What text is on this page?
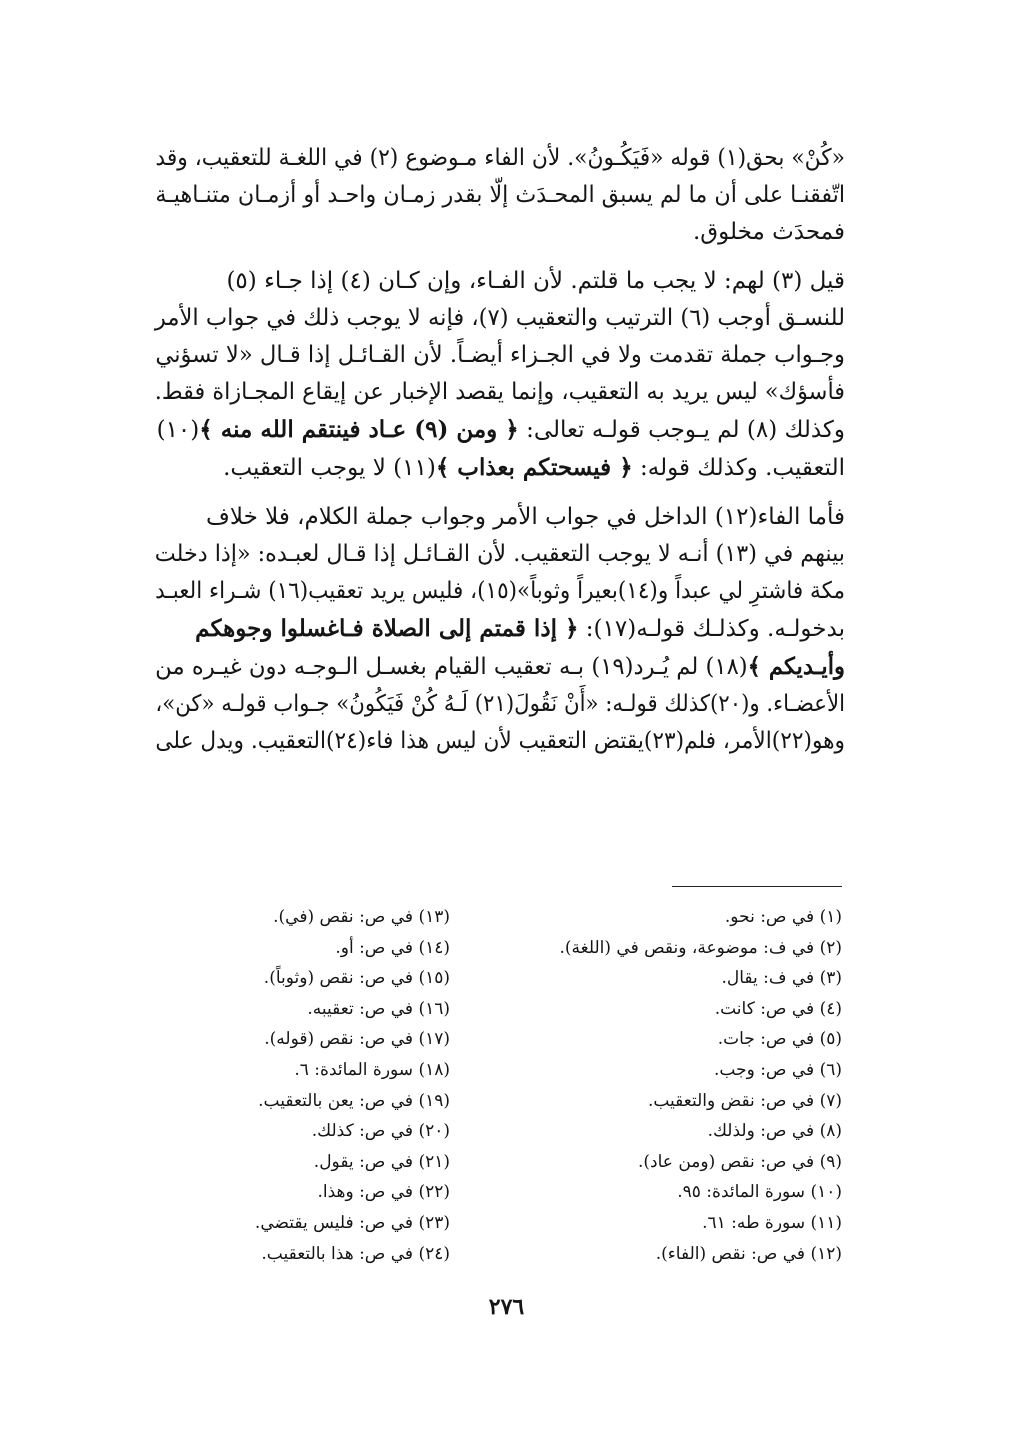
«كُنْ» بحق(١) قوله «فَيَكُـونُ». لأن الفاء مـوضوع (٢) في اللغـة للتعقيب، وقد
اتّفقنـا على أن ما لم يسبق المحـدَث إلّا بقدر زمـان واحـد أو أزمـان متنـاهيـة
فمحدَث مخلوق.

قيل (٣) لهم: لا يجب ما قلتم. لأن الفـاء، وإن كـان (٤) إذا جـاء (٥)
للنسـق أوجب (٦) الترتيب والتعقيب (٧)، فإنه لا يوجب ذلك في جواب الأمر
وجـواب جملة تقدمت ولا في الجـزاء أيضـاً. لأن القـائـل إذا قـال «لا تسؤني
فأسؤك» ليس يريد به التعقيب، وإنما يقصد الإخبار عن إيقاع المجـازاة فقط.
وكذلك (٨) لم يـوجب قولـه تعالى: ﴿ ومن (٩) عـاد فينتقم الله منه ﴾(١٠)
التعقيب. وكذلك قوله: ﴿ فيسحتكم بعذاب ﴾(١١) لا يوجب التعقيب.

فأما الفاء(١٢) الداخل في جواب الأمر وجواب جملة الكلام، فلا خلاف
بينهم في (١٣) أنـه لا يوجب التعقيب. لأن القـائـل إذا قـال لعبـده: «إذا دخلت
مكة فاشترِ لي عبداً و(١٤)بعيراً وثوباً»(١٥)، فليس يريد تعقيب(١٦) شـراء العبـد
بدخولـه. وكذلـك قولـه(١٧): ﴿ إذا قمتم إلى الصلاة فـاغسلوا وجوهكم
وأيـديكم ﴾(١٨) لم يُـرد(١٩) بـه تعقيب القيام بغسـل الـوجـه دون غيـره من
الأعضـاء. و(٢٠)كذلك قولـه: «أَنْ نَقُولَ(٢١) لَـهُ كُنْ فَيَكُونُ» جـواب قولـه «كن»،
وهو(٢٢)الأمر، فلم(٢٣)يقتض التعقيب لأن ليس هذا فاء(٢٤)التعقيب. ويدل على

(١) في ص: نحو.
(٢) في ف: موضوعة، ونقص في (اللغة).
(٣) في ف: يقال.
(٤) في ص: كانت.
(٥) في ص: جات.
(٦) في ص: وجب.
(٧) في ص: نقض والتعقيب.
(٨) في ص: ولذلك.
(٩) في ص: نقص (ومن عاد).
(١٠) سورة المائدة: ٩٥.
(١١) سورة طه: ٦١.
(١٢) في ص: نقص (الفاء).
(١٣) في ص: نقص (في).
(١٤) في ص: أو.
(١٥) في ص: نقص (وثوباً).
(١٦) في ص: تعقيبه.
(١٧) في ص: نقص (قوله).
(١٨) سورة المائدة: ٦.
(١٩) في ص: يعن بالتعقيب.
(٢٠) في ص: كذلك.
(٢١) في ص: يقول.
(٢٢) في ص: وهذا.
(٢٣) في ص: فليس يقتضي.
(٢٤) في ص: هذا بالتعقيب.
٢٧٦
